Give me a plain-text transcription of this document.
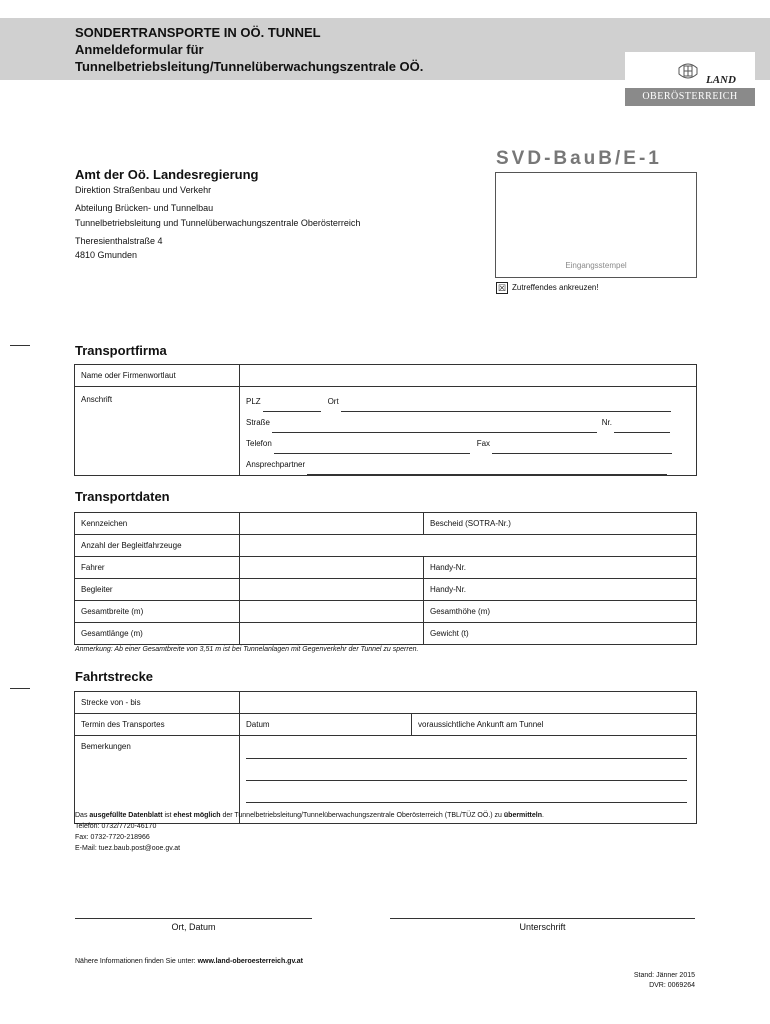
SONDERTRANSPORTE IN OÖ. TUNNEL
Anmeldeformular für
Tunnelbetriebsleitung/Tunnelüberwachungszentrale OÖ.
LAND
OBERÖSTERREICH
SVD-BauB/E-1
Eingangsstempel
☒ Zutreffendes ankreuzen!
Amt der Oö. Landesregierung
Direktion Straßenbau und Verkehr
Abteilung Brücken- und Tunnelbau
Tunnelbetriebsleitung und Tunnelüberwachungszentrale Oberösterreich
Theresienthalstraße 4
4810 Gmunden
Transportfirma
Name oder Firmenwortlaut	
Anschrift	PLZ Ort
Straße Nr.
Telefon Fax
Ansprechpartner
Transportdaten
Kennzeichen		Bescheid (SOTRA-Nr.)
Anzahl der Begleitfahrzeuge		
Fahrer		Handy-Nr.
Begleiter		Handy-Nr.
Gesamtbreite (m)		Gesamthöhe (m)
Gesamtlänge (m)		Gewicht (t)
Anmerkung: Ab einer Gesamtbreite von 3,51 m ist bei Tunnelanlagen mit Gegenverkehr der Tunnel zu sperren.
Fahrtstrecke
Strecke von - bis		
Termin des Transportes	Datum	voraussichtliche Ankunft am Tunnel
Bemerkungen		
Das ausgefüllte Datenblatt ist ehest möglich der Tunnelbetriebsleitung/Tunnelüberwachungszentrale Oberösterreich (TBL/TÜZ OÖ.) zu übermitteln.
Telefon: 0732/7720-46170
Fax: 0732-7720-218966
E-Mail: tuez.baub.post@ooe.gv.at
Ort, Datum	Unterschrift
Nähere Informationen finden Sie unter: www.land-oberoesterreich.gv.at
Stand: Jänner 2015
DVR: 0069264
